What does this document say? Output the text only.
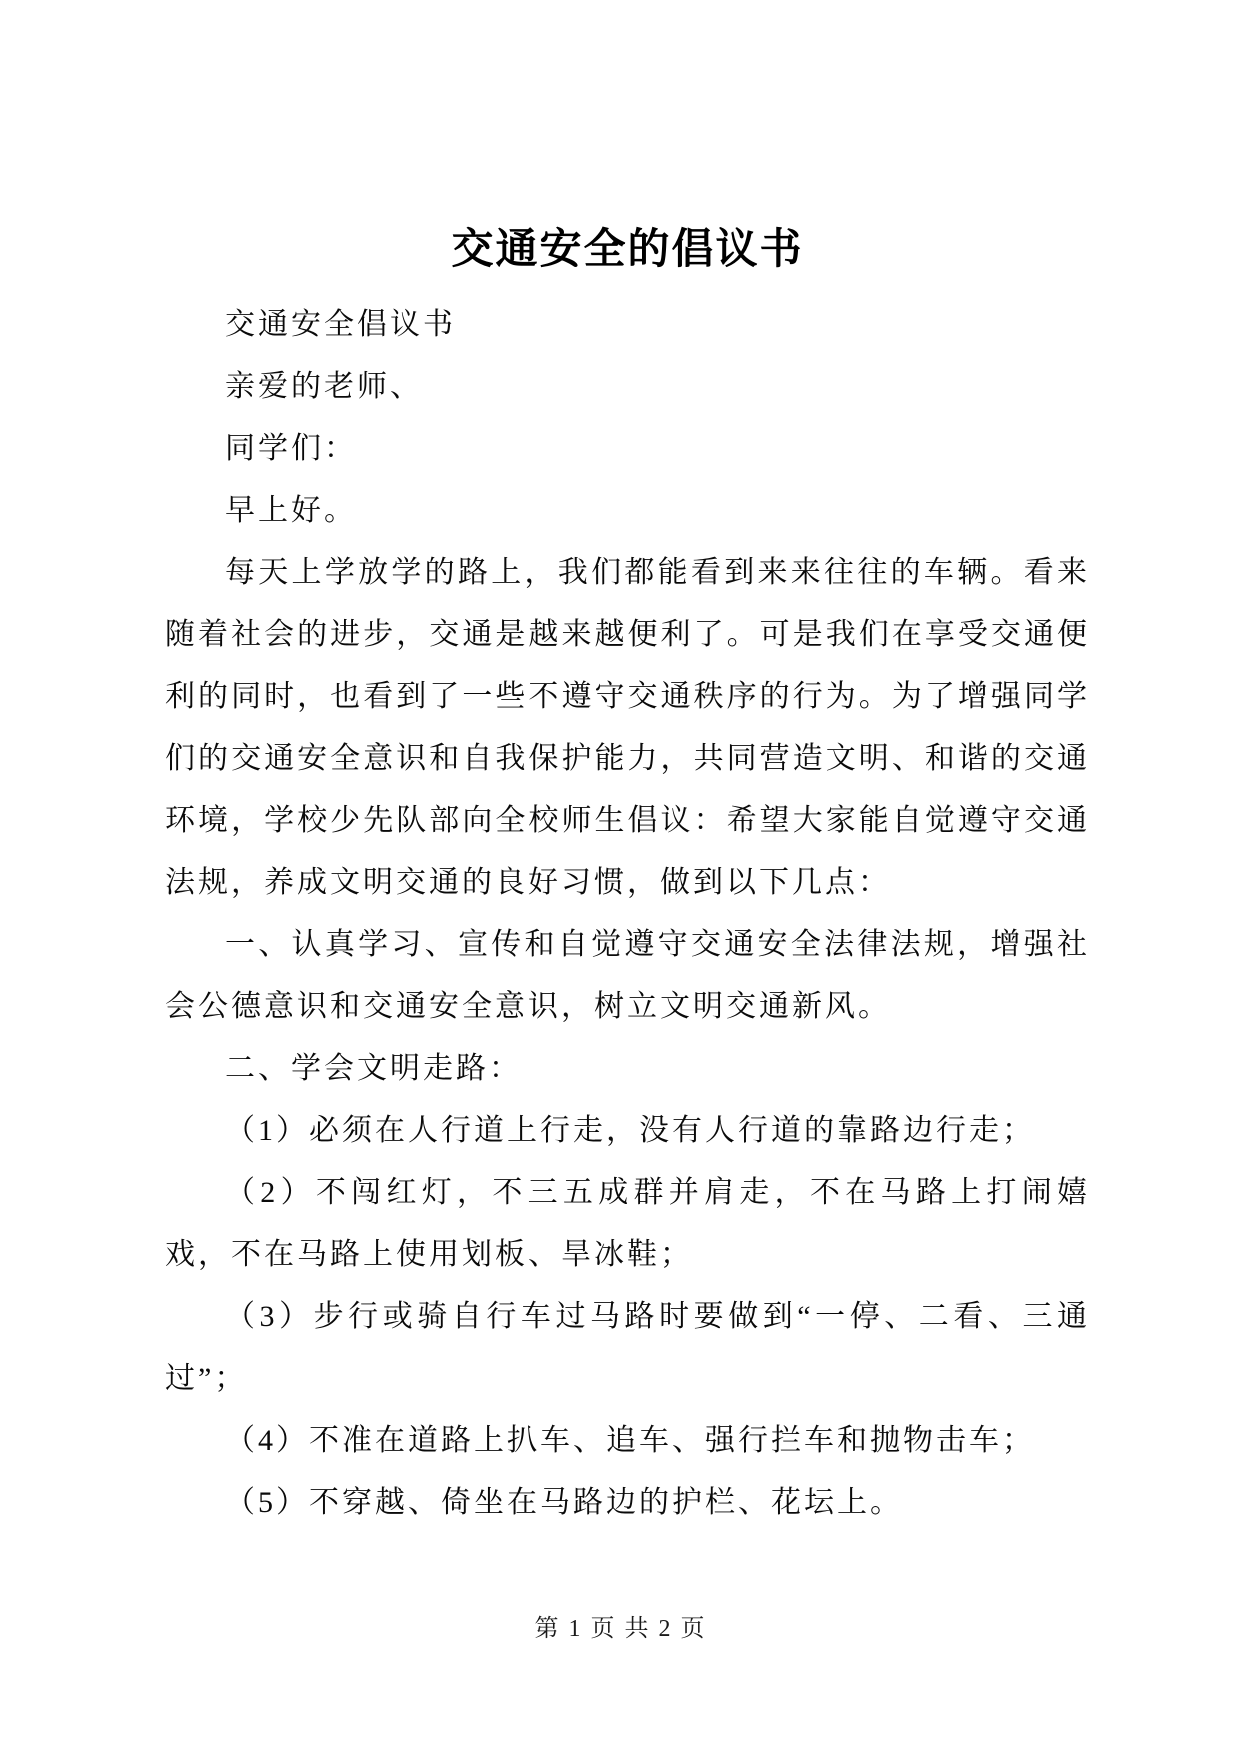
交通安全的倡议书

交通安全倡议书

亲爱的老师、

同学们：

早上好。

每天上学放学的路上，我们都能看到来来往往的车辆。看来随着社会的进步，交通是越来越便利了。可是我们在享受交通便利的同时，也看到了一些不遵守交通秩序的行为。为了增强同学们的交通安全意识和自我保护能力，共同营造文明、和谐的交通环境，学校少先队部向全校师生倡议：希望大家能自觉遵守交通法规，养成文明交通的良好习惯，做到以下几点：

一、认真学习、宣传和自觉遵守交通安全法律法规，增强社会公德意识和交通安全意识，树立文明交通新风。

二、学会文明走路：

（1）必须在人行道上行走，没有人行道的靠路边行走；

（2）不闯红灯，不三五成群并肩走，不在马路上打闹嬉戏，不在马路上使用划板、旱冰鞋；

（3）步行或骑自行车过马路时要做到“一停、二看、三通过”；

（4）不准在道路上扒车、追车、强行拦车和抛物击车；

（5）不穿越、倚坐在马路边的护栏、花坛上。

第 1 页 共 2 页
